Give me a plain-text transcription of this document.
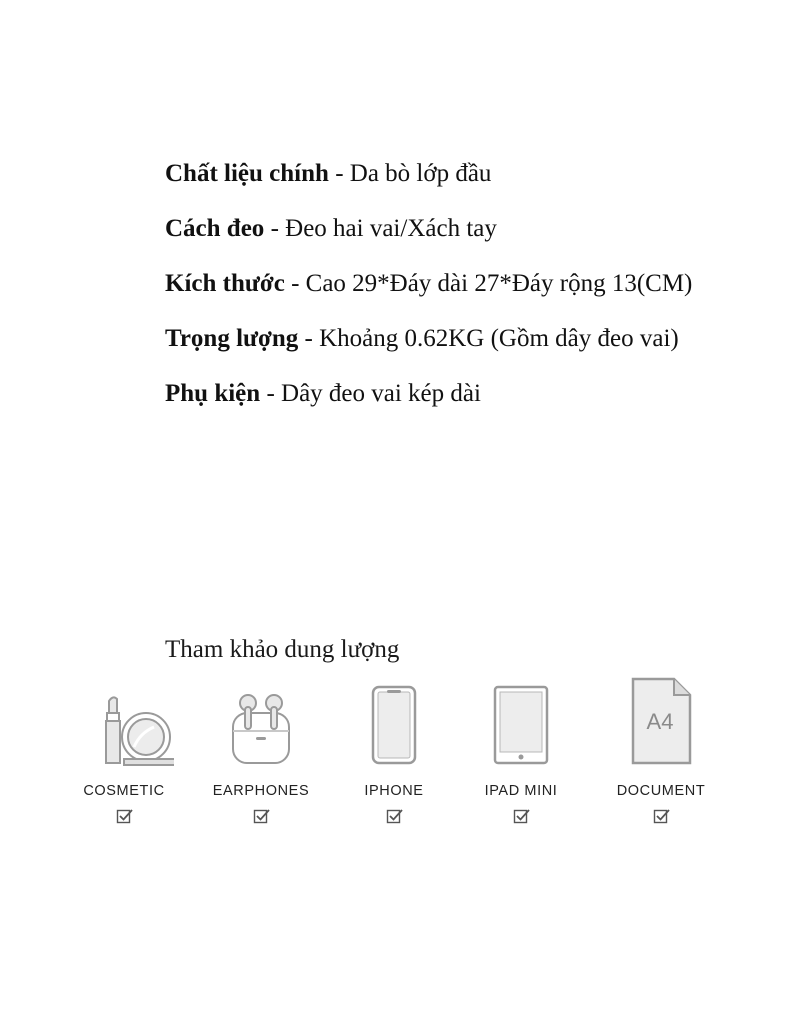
Chất liệu chính - Da bò lớp đầu
Cách đeo - Đeo hai vai/Xách tay
Kích thước - Cao 29*Đáy dài 27*Đáy rộng 13(CM)
Trọng lượng - Khoảng 0.62KG (Gồm dây đeo vai)
Phụ kiện - Dây đeo vai kép dài
Tham khảo dung lượng
COSMETIC	EARPHONES	IPHONE	IPAD MINI
A4
DOCUMENT
